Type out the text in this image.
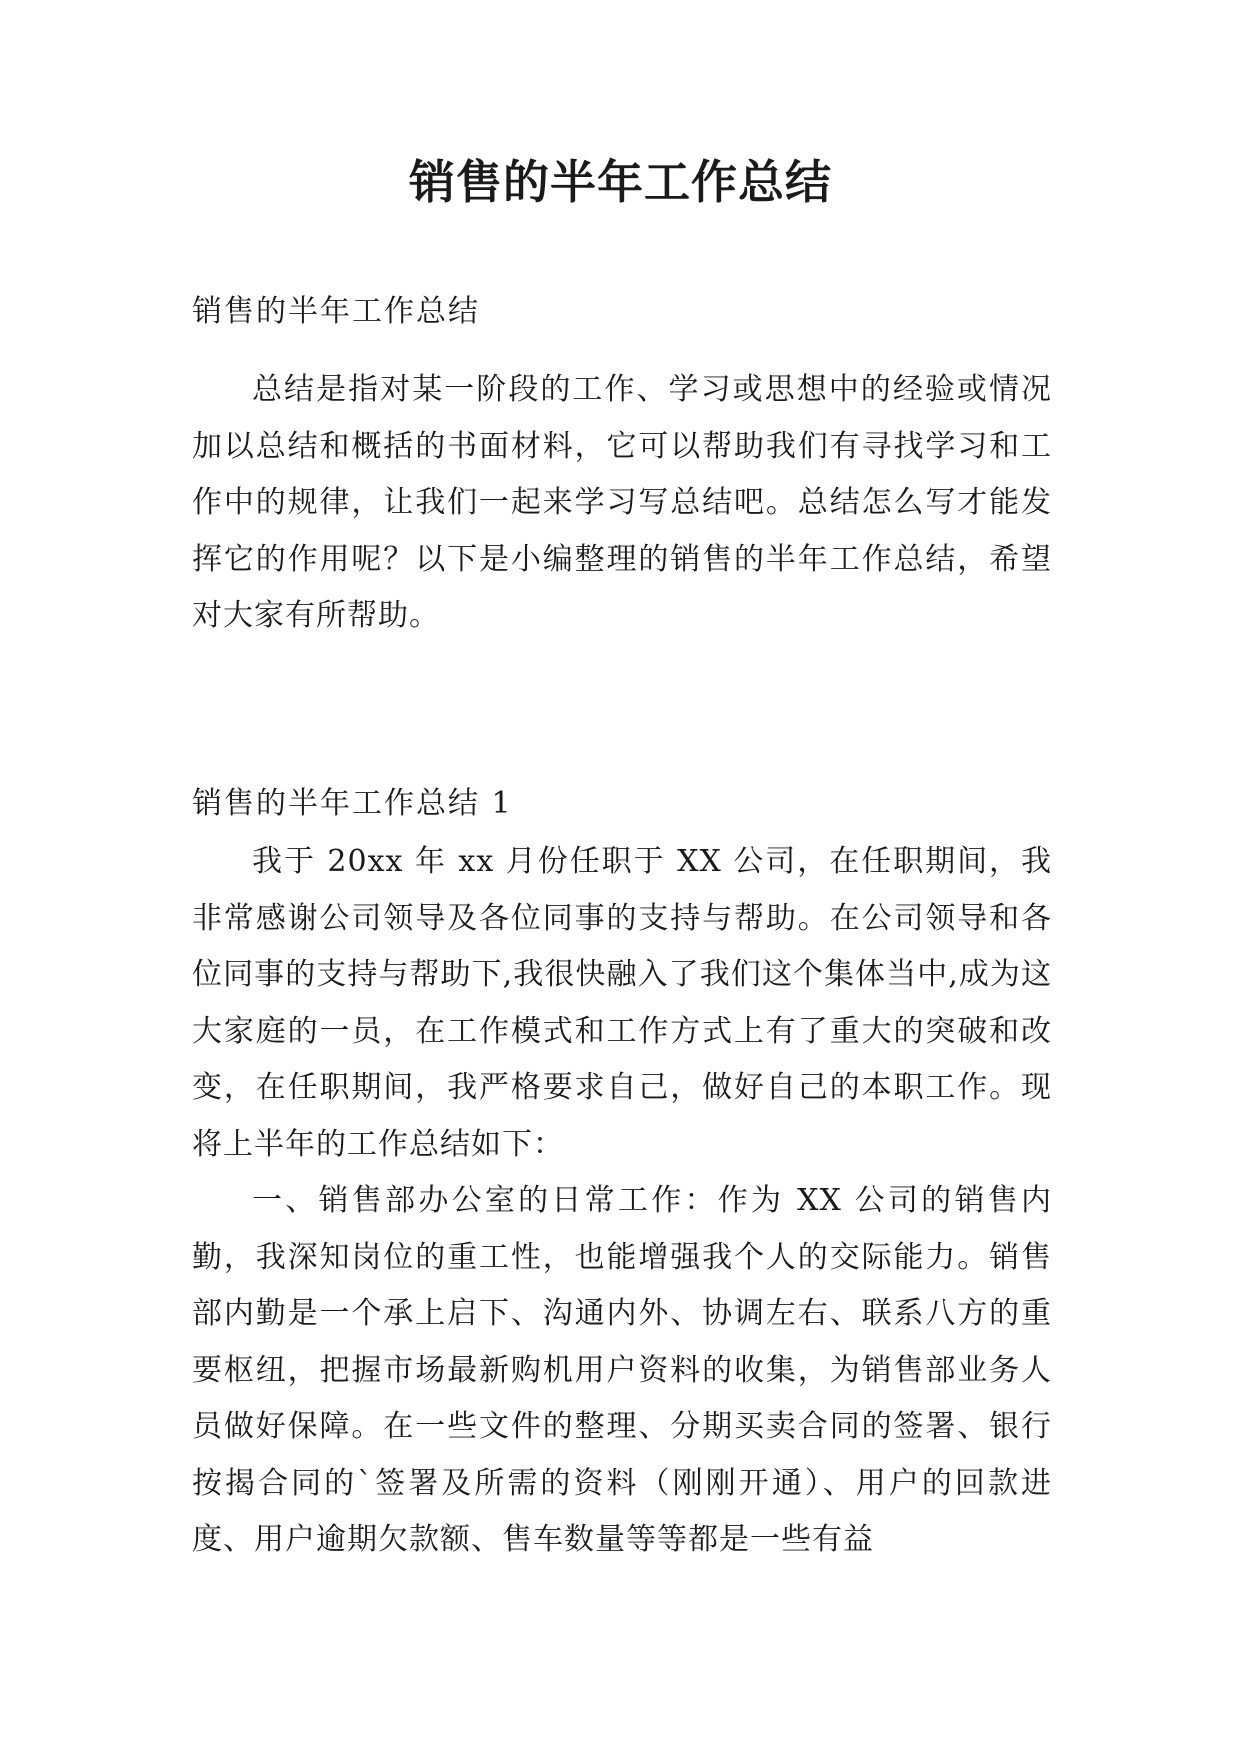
销售的半年工作总结

销售的半年工作总结

总结是指对某一阶段的工作、学习或思想中的经验或情况加以总结和概括的书面材料，它可以帮助我们有寻找学习和工作中的规律，让我们一起来学习写总结吧。总结怎么写才能发挥它的作用呢？以下是小编整理的销售的半年工作总结，希望对大家有所帮助。

销售的半年工作总结 1

我于 20xx 年 xx 月份任职于 XX 公司，在任职期间，我非常感谢公司领导及各位同事的支持与帮助。在公司领导和各位同事的支持与帮助下,我很快融入了我们这个集体当中,成为这大家庭的一员，在工作模式和工作方式上有了重大的突破和改变，在任职期间，我严格要求自己，做好自己的本职工作。现将上半年的工作总结如下：

一、销售部办公室的日常工作：作为 XX 公司的销售内勤，我深知岗位的重工性，也能增强我个人的交际能力。销售部内勤是一个承上启下、沟通内外、协调左右、联系八方的重要枢纽，把握市场最新购机用户资料的收集，为销售部业务人员做好保障。在一些文件的整理、分期买卖合同的签署、银行按揭合同的`签署及所需的资料（刚刚开通）、用户的回款进度、用户逾期欠款额、售车数量等等都是一些有益
